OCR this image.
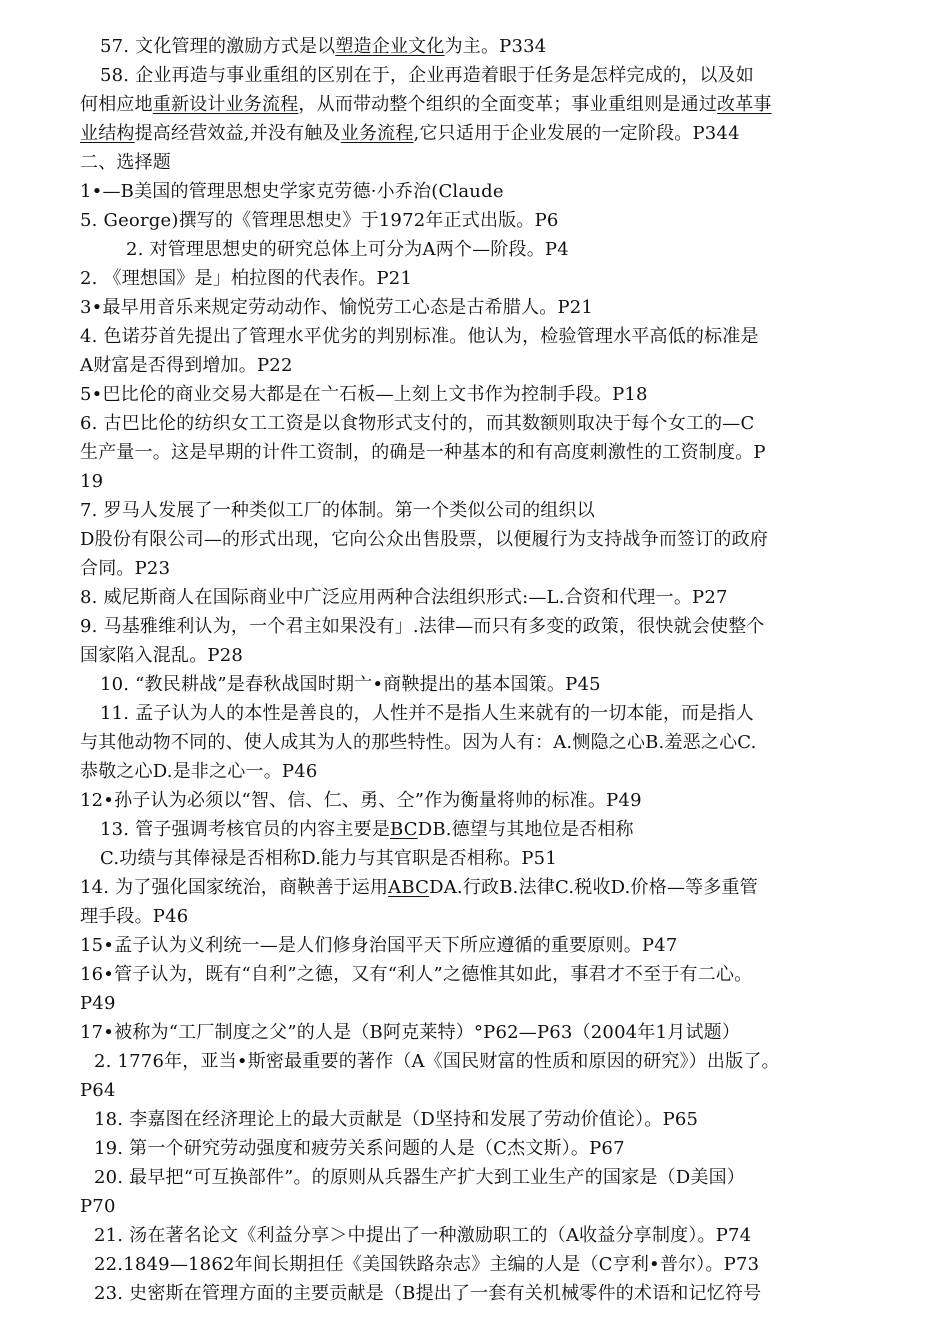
57. 文化管理的激励方式是以塑造企业文化为主。P334
58. 企业再造与事业重组的区别在于，企业再造着眼于任务是怎样完成的，以及如
何相应地重新设计业务流程，从而带动整个组织的全面变革；事业重组则是通过改革事
业结构提高经营效益,并没有触及业务流程,它只适用于企业发展的一定阶段。P344
二、选择题
1•—B美国的管理思想史学家克劳德·小乔治(Claude
5. George)撰写的《管理思想史》于1972年正式出版。P6
2. 对管理思想史的研究总体上可分为A两个—阶段。P4
2. 《理想国》是」柏拉图的代表作。P21
3•最早用音乐来规定劳动动作、愉悦劳工心态是古希腊人。P21
4. 色诺芬首先提出了管理水平优劣的判别标准。他认为，检验管理水平高低的标准是
A财富是否得到增加。P22
5•巴比伦的商业交易大都是在亠石板—上刻上文书作为控制手段。P18
6. 古巴比伦的纺织女工工资是以食物形式支付的，而其数额则取决于每个女工的—C
生产量一。这是早期的计件工资制，的确是一种基本的和有高度刺激性的工资制度。P
19
7. 罗马人发展了一种类似工厂的体制。第一个类似公司的组织以
D股份有限公司—的形式出现，它向公众出售股票，以便履行为支持战争而签订的政府
合同。P23
8. 威尼斯商人在国际商业中广泛应用两种合法组织形式:—L.合资和代理一。P27
9. 马基雅维利认为，一个君主如果没有」.法律—而只有多变的政策，很快就会使整个
国家陷入混乱。P28
10. “教民耕战”是春秋战国时期亠•商鞅提出的基本国策。P45
11. 孟子认为人的本性是善良的，人性并不是指人生来就有的一切本能，而是指人
与其他动物不同的、使人成其为人的那些特性。因为人有：A.恻隐之心B.羞恶之心C.
恭敬之心D.是非之心一。P46
12•孙子认为必须以“智、信、仁、勇、仝”作为衡量将帅的标准。P49
13. 管子强调考核官员的内容主要是BCDB.德望与其地位是否相称
C.功绩与其俸禄是否相称D.能力与其官职是否相称。P51
14. 为了强化国家统治，商鞅善于运用ABCDA.行政B.法律C.税收D.价格—等多重管
理手段。P46
15•孟子认为义利统一—是人们修身治国平天下所应遵循的重要原则。P47
16•管子认为，既有“自利”之德，又有“利人”之德惟其如此，事君才不至于有二心。
P49
17•被称为“工厂制度之父”的人是（B阿克莱特）°P62—P63（2004年1月试题）
2. 1776年，亚当•斯密最重要的著作（A《国民财富的性质和原因的研究》）出版了。
P64
18. 李嘉图在经济理论上的最大贡献是（D坚持和发展了劳动价值论）。P65
19. 第一个研究劳动强度和疲劳关系问题的人是（C杰文斯）。P67
20. 最早把“可互换部件”。的原则从兵器生产扩大到工业生产的国家是（D美国）
P70
21. 汤在著名论文《利益分享＞中提出了一种激励职工的（A收益分享制度）。P74
22.1849—1862年间长期担任《美国铁路杂志》主编的人是（C亨利•普尔）。P73
23. 史密斯在管理方面的主要贡献是（B提出了一套有关机械零件的术语和记忆符号
